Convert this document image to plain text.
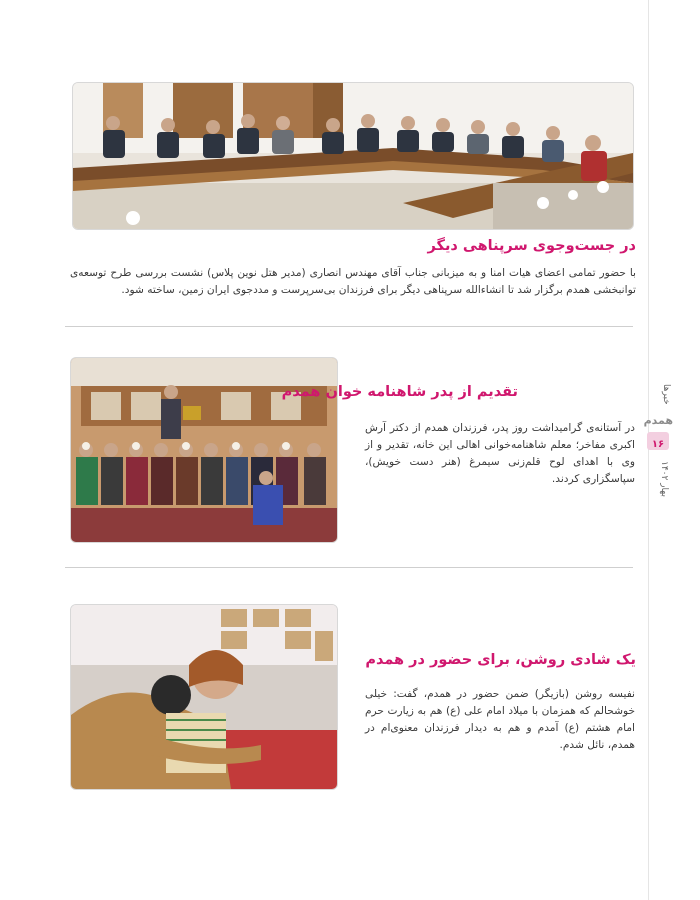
خبرها
همدم
۱۶
بهار ۱۴۰۲
در جست‌وجوی سرپناهی دیگر
با حضور تمامی اعضای هیات امنا و به میزبانی جناب آقای مهندس انصاری (مدیر هتل نوین پلاس) نشست بررسی طرح توسعه‌ی توانبخشی همدم برگزار شد تا انشاءالله سرپناهی دیگر برای فرزندان بی‌سرپرست و مددجوی ایران زمین، ساخته شود.
تقدیم از پدر شاهنامه خوان همدم
در آستانه‌ی گرامیداشت روز پدر، فرزندان همدم از دکتر آرش اکبری مفاخر؛ معلم شاهنامه‌خوانی اهالی این خانه، تقدیر و از وی با اهدای لوح قلم‌زنی سیمرغ (هنر دست خویش)، سپاسگزاری کردند.
یک شادی روشن، برای حضور در همدم
نفیسه روشن (بازیگر) ضمن حضور در همدم، گفت: خیلی خوشحالم که همزمان با میلاد امام علی (ع) هم به زیارت حرم امام هشتم (ع) آمدم و هم به دیدار فرزندان معنوی‌ام در همدم، نائل شدم.
